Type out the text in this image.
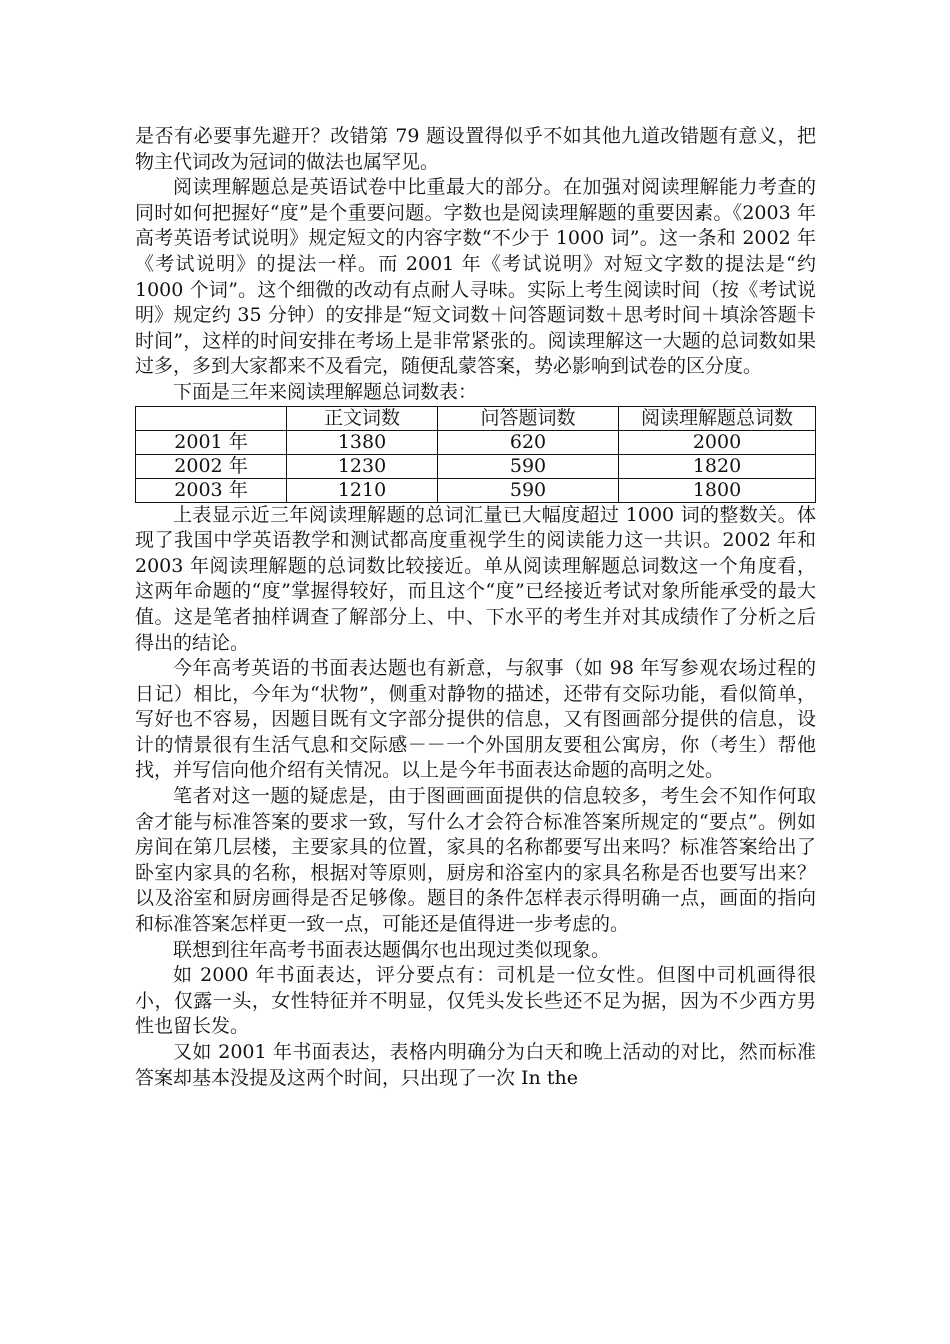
是否有必要事先避开？改错第 79 题设置得似乎不如其他九道改错题有意义，把物主代词改为冠词的做法也属罕见。

阅读理解题总是英语试卷中比重最大的部分。在加强对阅读理解能力考查的同时如何把握好“度”是个重要问题。字数也是阅读理解题的重要因素。《2003 年高考英语考试说明》规定短文的内容字数“不少于 1000 词”。这一条和 2002 年《考试说明》的提法一样。而 2001 年《考试说明》对短文字数的提法是“约 1000 个词”。这个细微的改动有点耐人寻味。实际上考生阅读时间（按《考试说明》规定约 35 分钟）的安排是“短文词数＋问答题词数＋思考时间＋填涂答题卡时间”，这样的时间安排在考场上是非常紧张的。阅读理解这一大题的总词数如果过多，多到大家都来不及看完，随便乱蒙答案，势必影响到试卷的区分度。

下面是三年来阅读理解题总词数表：

	正文词数	问答题词数	阅读理解题总词数
2001 年	1380	620	2000
2002 年	1230	590	1820
2003 年	1210	590	1800

上表显示近三年阅读理解题的总词汇量已大幅度超过 1000 词的整数关。体现了我国中学英语教学和测试都高度重视学生的阅读能力这一共识。2002 年和 2003 年阅读理解题的总词数比较接近。单从阅读理解题总词数这一个角度看，这两年命题的“度”掌握得较好，而且这个“度”已经接近考试对象所能承受的最大值。这是笔者抽样调查了解部分上、中、下水平的考生并对其成绩作了分析之后得出的结论。

今年高考英语的书面表达题也有新意，与叙事（如 98 年写参观农场过程的日记）相比，今年为“状物”，侧重对静物的描述，还带有交际功能，看似简单，写好也不容易，因题目既有文字部分提供的信息，又有图画部分提供的信息，设计的情景很有生活气息和交际感－－一个外国朋友要租公寓房，你（考生）帮他找，并写信向他介绍有关情况。以上是今年书面表达命题的高明之处。

笔者对这一题的疑虑是，由于图画画面提供的信息较多，考生会不知作何取舍才能与标准答案的要求一致，写什么才会符合标准答案所规定的“要点”。例如房间在第几层楼，主要家具的位置，家具的名称都要写出来吗？标准答案给出了卧室内家具的名称，根据对等原则，厨房和浴室内的家具名称是否也要写出来？以及浴室和厨房画得是否足够像。题目的条件怎样表示得明确一点，画面的指向和标准答案怎样更一致一点，可能还是值得进一步考虑的。

联想到往年高考书面表达题偶尔也出现过类似现象。

如 2000 年书面表达，评分要点有：司机是一位女性。但图中司机画得很小，仅露一头，女性特征并不明显，仅凭头发长些还不足为据，因为不少西方男性也留长发。

又如 2001 年书面表达，表格内明确分为白天和晚上活动的对比，然而标准答案却基本没提及这两个时间，只出现了一次 In the
